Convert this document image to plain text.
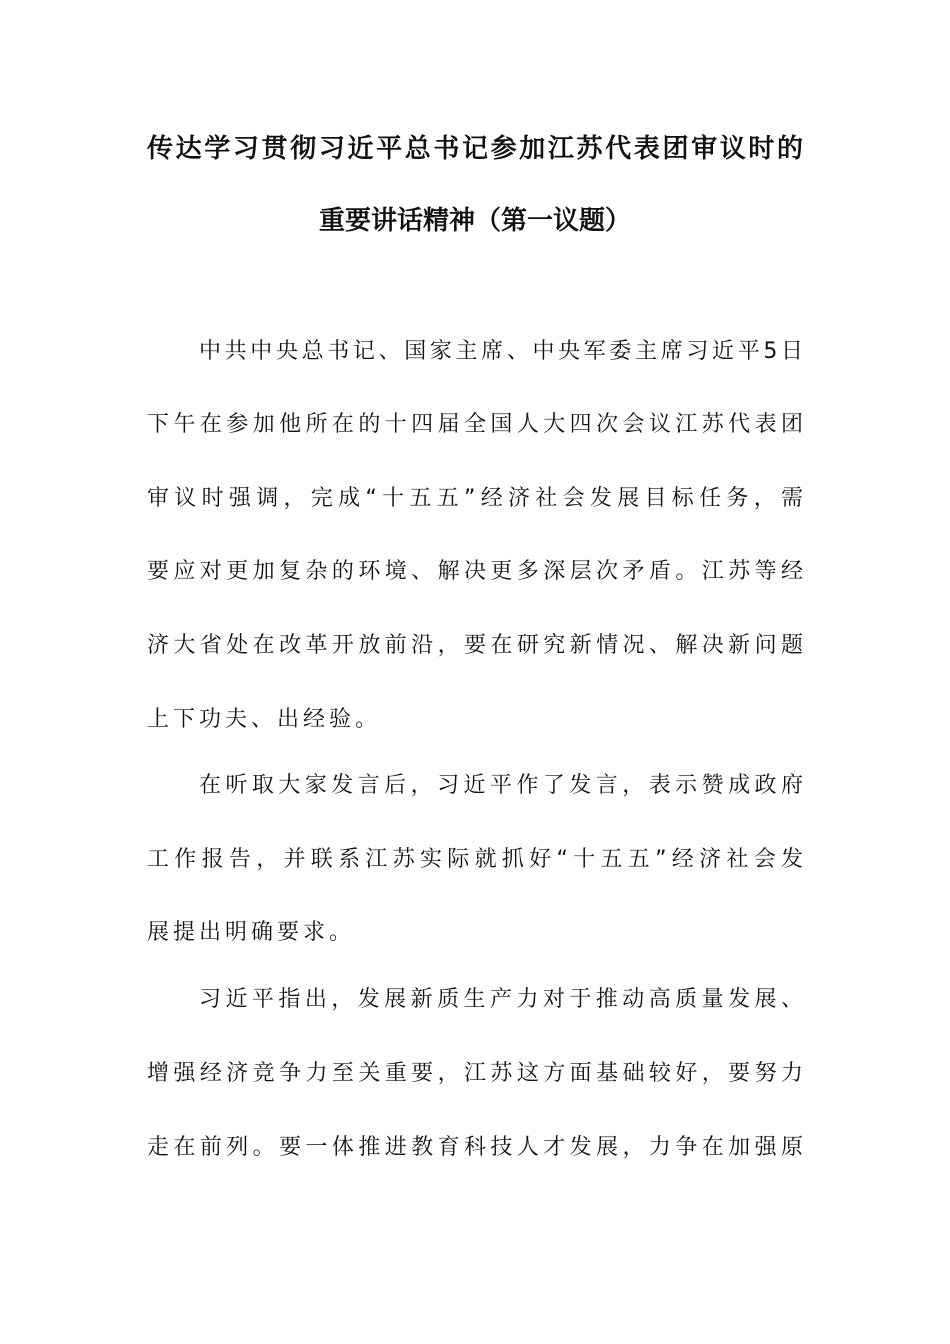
传达学习贯彻习近平总书记参加江苏代表团审议时的
重要讲话精神（第一议题）
中共中央总书记、国家主席、中央军委主席习近平5日
下午在参加他所在的十四届全国人大四次会议江苏代表团
审议时强调，完成“十五五”经济社会发展目标任务，需
要应对更加复杂的环境、解决更多深层次矛盾。江苏等经
济大省处在改革开放前沿，要在研究新情况、解决新问题
上下功夫、出经验。
在听取大家发言后，习近平作了发言，表示赞成政府
工作报告，并联系江苏实际就抓好“十五五”经济社会发
展提出明确要求。
习近平指出，发展新质生产力对于推动高质量发展、
增强经济竞争力至关重要，江苏这方面基础较好，要努力
走在前列。要一体推进教育科技人才发展，力争在加强原
